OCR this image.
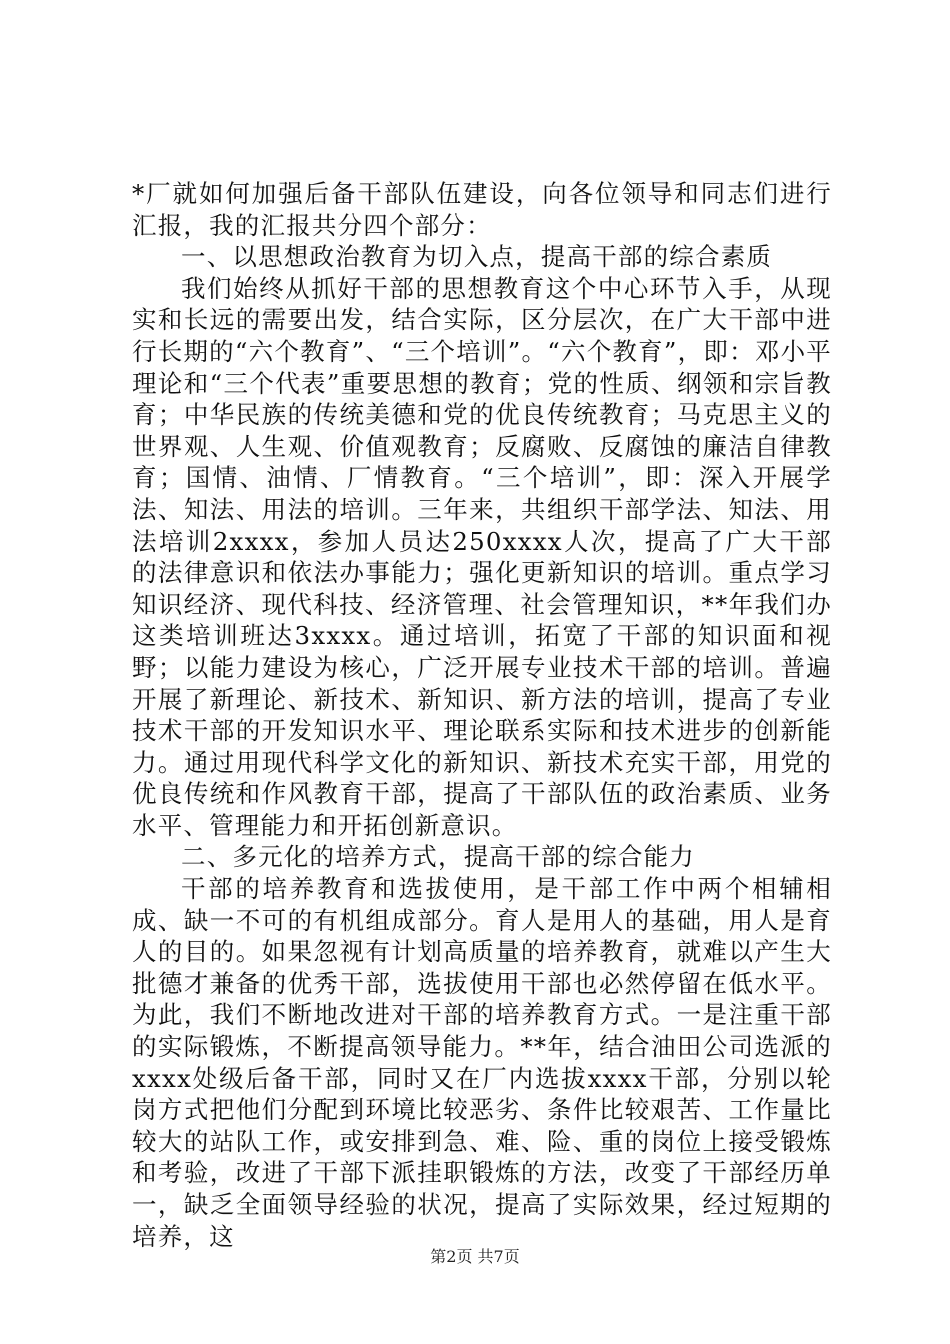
*厂就如何加强后备干部队伍建设，向各位领导和同志们进行汇报，我的汇报共分四个部分：

一、以思想政治教育为切入点，提高干部的综合素质

我们始终从抓好干部的思想教育这个中心环节入手，从现实和长远的需要出发，结合实际，区分层次，在广大干部中进行长期的“六个教育”、“三个培训”。“六个教育”，即：邓小平理论和“三个代表”重要思想的教育；党的性质、纲领和宗旨教育；中华民族的传统美德和党的优良传统教育；马克思主义的世界观、人生观、价值观教育；反腐败、反腐蚀的廉洁自律教育；国情、油情、厂情教育。“三个培训”，即：深入开展学法、知法、用法的培训。三年来，共组织干部学法、知法、用法培训2xxxx，参加人员达250xxxx人次，提高了广大干部的法律意识和依法办事能力；强化更新知识的培训。重点学习知识经济、现代科技、经济管理、社会管理知识，**年我们办这类培训班达3xxxx。通过培训，拓宽了干部的知识面和视野；以能力建设为核心，广泛开展专业技术干部的培训。普遍开展了新理论、新技术、新知识、新方法的培训，提高了专业技术干部的开发知识水平、理论联系实际和技术进步的创新能力。通过用现代科学文化的新知识、新技术充实干部，用党的优良传统和作风教育干部，提高了干部队伍的政治素质、业务水平、管理能力和开拓创新意识。

二、多元化的培养方式，提高干部的综合能力

干部的培养教育和选拔使用，是干部工作中两个相辅相成、缺一不可的有机组成部分。育人是用人的基础，用人是育人的目的。如果忽视有计划高质量的培养教育，就难以产生大批德才兼备的优秀干部，选拔使用干部也必然停留在低水平。为此，我们不断地改进对干部的培养教育方式。一是注重干部的实际锻炼，不断提高领导能力。**年，结合油田公司选派的xxxx处级后备干部，同时又在厂内选拔xxxx干部，分别以轮岗方式把他们分配到环境比较恶劣、条件比较艰苦、工作量比较大的站队工作，或安排到急、难、险、重的岗位上接受锻炼和考验，改进了干部下派挂职锻炼的方法，改变了干部经历单一，缺乏全面领导经验的状况，提高了实际效果，经过短期的培养，这

第2页 共7页
